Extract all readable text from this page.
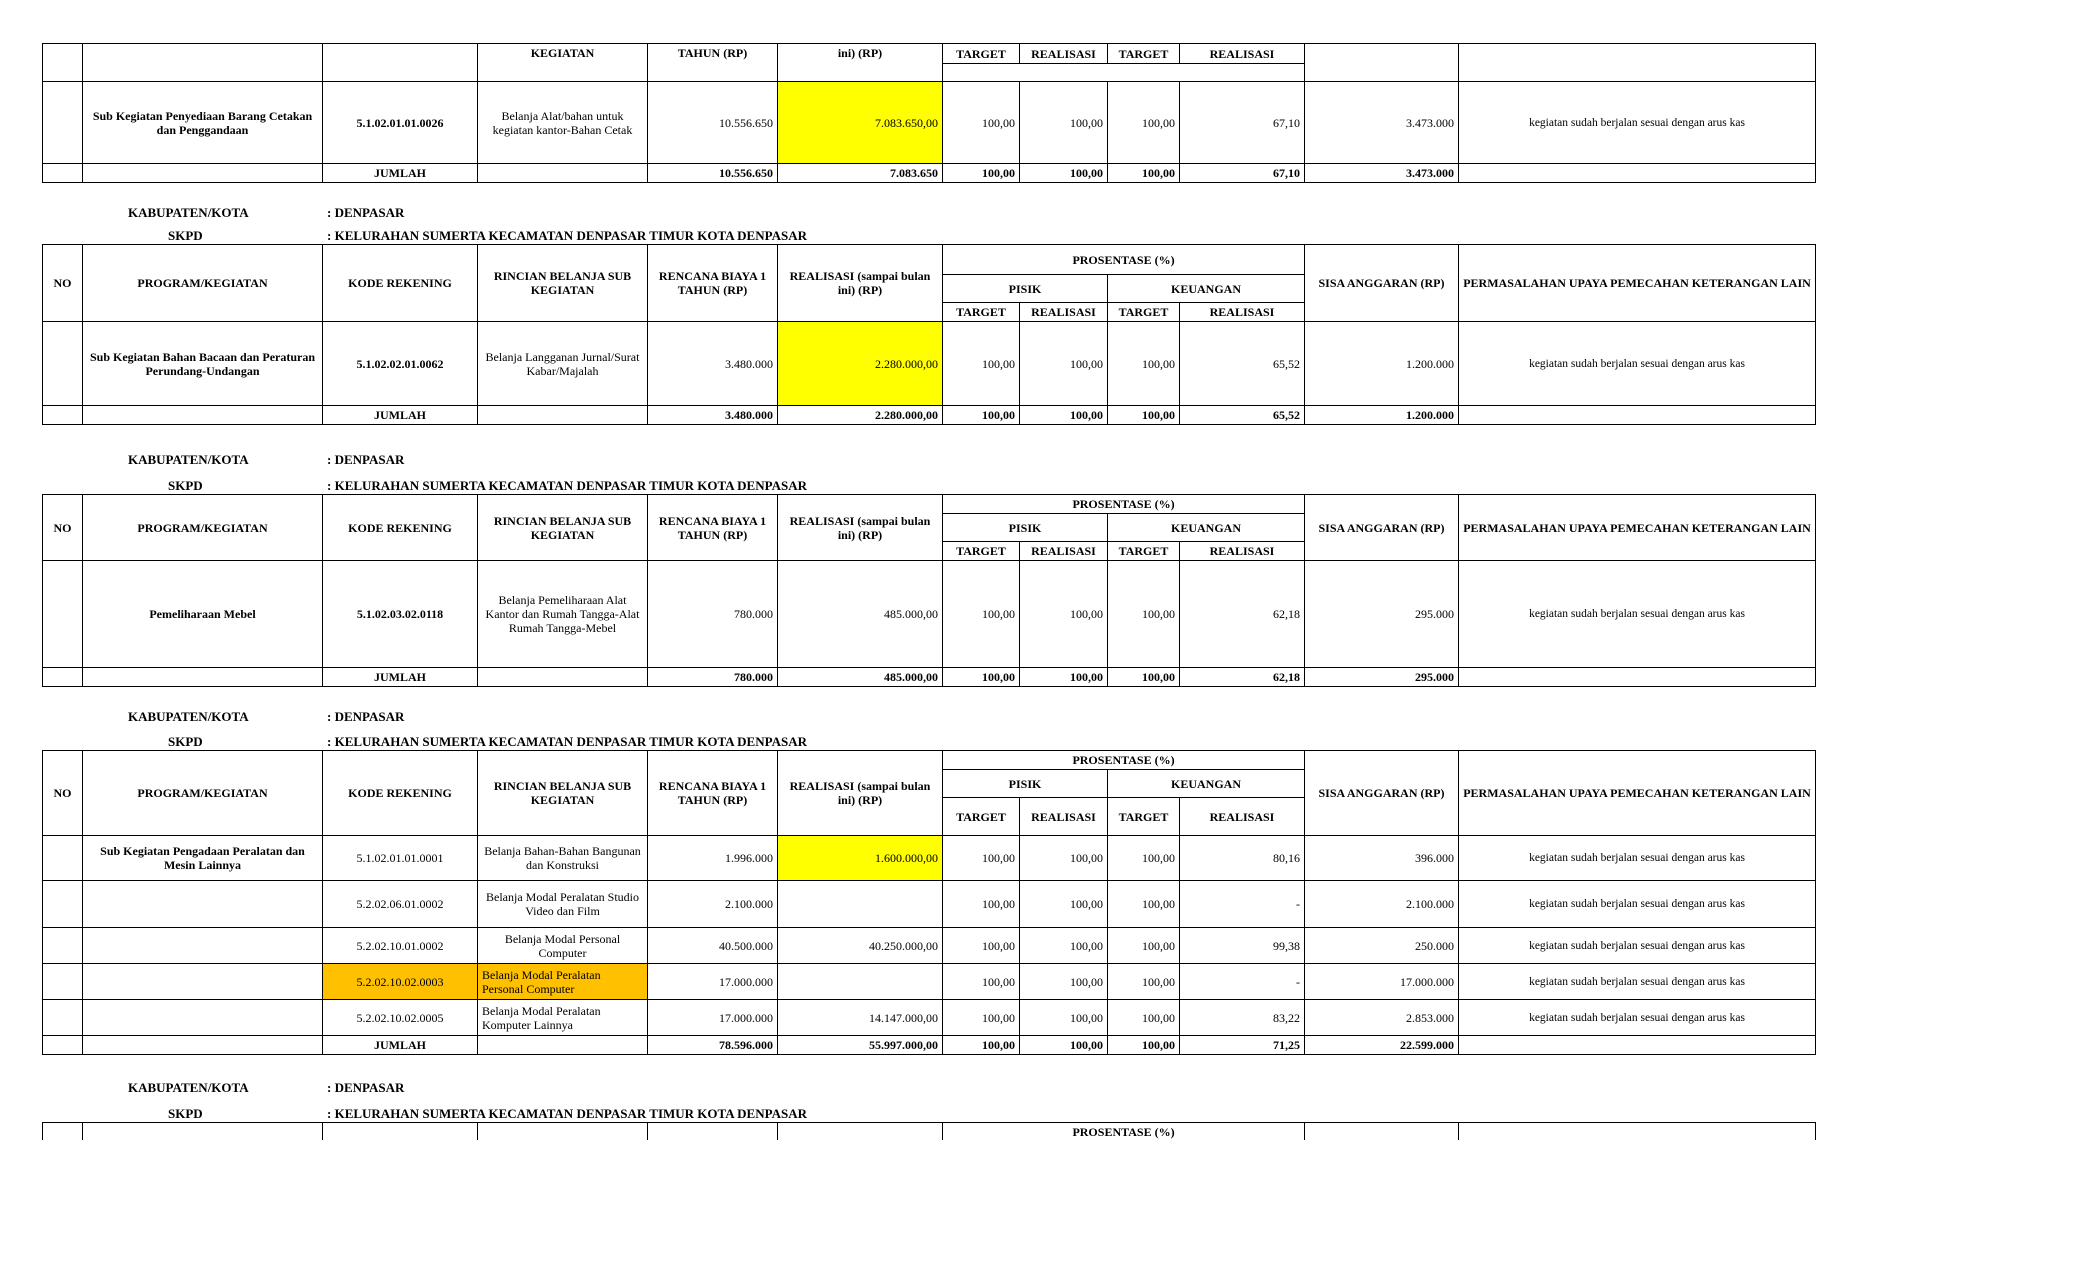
			KEGIATAN	TAHUN (RP)	ini) (RP)	TARGET	REALISASI	TARGET	REALISASI		

	Sub Kegiatan Penyediaan Barang Cetakan dan Penggandaan	5.1.02.01.01.0026	Belanja Alat/bahan untuk kegiatan kantor-Bahan Cetak	10.556.650	7.083.650,00	100,00	100,00	100,00	67,10	3.473.000	kegiatan sudah berjalan sesuai dengan arus kas
		JUMLAH		10.556.650	7.083.650	100,00	100,00	100,00	67,10	3.473.000	
KABUPATEN/KOTA	: DENPASAR
SKPD	: KELURAHAN SUMERTA KECAMATAN DENPASAR TIMUR KOTA DENPASAR
NO	PROGRAM/KEGIATAN	KODE REKENING	RINCIAN BELANJA SUB KEGIATAN	RENCANA BIAYA 1 TAHUN (RP)	REALISASI (sampai bulan ini) (RP)	PROSENTASE (%)				SISA ANGGARAN (RP)	PERMASALAHAN UPAYA PEMECAHAN KETERANGAN LAIN
						PISIK		KEUANGAN			
						TARGET	REALISASI	TARGET	REALISASI		
	Sub Kegiatan Bahan Bacaan dan Peraturan Perundang-Undangan	5.1.02.02.01.0062	Belanja Langganan Jurnal/Surat Kabar/Majalah	3.480.000	2.280.000,00	100,00	100,00	100,00	65,52	1.200.000	kegiatan sudah berjalan sesuai dengan arus kas
		JUMLAH		3.480.000	2.280.000,00	100,00	100,00	100,00	65,52	1.200.000	
KABUPATEN/KOTA	: DENPASAR
SKPD	: KELURAHAN SUMERTA KECAMATAN DENPASAR TIMUR KOTA DENPASAR
NO	PROGRAM/KEGIATAN	KODE REKENING	RINCIAN BELANJA SUB KEGIATAN	RENCANA BIAYA 1 TAHUN (RP)	REALISASI (sampai bulan ini) (RP)	PROSENTASE (%)				SISA ANGGARAN (RP)	PERMASALAHAN UPAYA PEMECAHAN KETERANGAN LAIN
						PISIK		KEUANGAN			
						TARGET	REALISASI	TARGET	REALISASI		
	Pemeliharaan Mebel	5.1.02.03.02.0118	Belanja Pemeliharaan Alat Kantor dan Rumah Tangga-Alat Rumah Tangga-Mebel	780.000	485.000,00	100,00	100,00	100,00	62,18	295.000	kegiatan sudah berjalan sesuai dengan arus kas
		JUMLAH		780.000	485.000,00	100,00	100,00	100,00	62,18	295.000	
KABUPATEN/KOTA	: DENPASAR
SKPD	: KELURAHAN SUMERTA KECAMATAN DENPASAR TIMUR KOTA DENPASAR
NO	PROGRAM/KEGIATAN	KODE REKENING	RINCIAN BELANJA SUB KEGIATAN	RENCANA BIAYA 1 TAHUN (RP)	REALISASI (sampai bulan ini) (RP)	PROSENTASE (%)				SISA ANGGARAN (RP)	PERMASALAHAN UPAYA PEMECAHAN KETERANGAN LAIN
						PISIK		KEUANGAN			
						TARGET	REALISASI	TARGET	REALISASI		
	Sub Kegiatan Pengadaan Peralatan dan Mesin Lainnya	5.1.02.01.01.0001	Belanja Bahan-Bahan Bangunan dan Konstruksi	1.996.000	1.600.000,00	100,00	100,00	100,00	80,16	396.000	kegiatan sudah berjalan sesuai dengan arus kas
		5.2.02.06.01.0002	Belanja Modal Peralatan Studio Video dan Film	2.100.000		100,00	100,00	100,00	-	2.100.000	kegiatan sudah berjalan sesuai dengan arus kas
		5.2.02.10.01.0002	Belanja Modal Personal Computer	40.500.000	40.250.000,00	100,00	100,00	100,00	99,38	250.000	kegiatan sudah berjalan sesuai dengan arus kas
		5.2.02.10.02.0003	Belanja Modal Peralatan Personal Computer	17.000.000		100,00	100,00	100,00	-	17.000.000	kegiatan sudah berjalan sesuai dengan arus kas
		5.2.02.10.02.0005	Belanja Modal Peralatan Komputer Lainnya	17.000.000	14.147.000,00	100,00	100,00	100,00	83,22	2.853.000	kegiatan sudah berjalan sesuai dengan arus kas
		JUMLAH		78.596.000	55.997.000,00	100,00	100,00	100,00	71,25	22.599.000	
KABUPATEN/KOTA	: DENPASAR
SKPD	: KELURAHAN SUMERTA KECAMATAN DENPASAR TIMUR KOTA DENPASAR
						PROSENTASE (%)		
